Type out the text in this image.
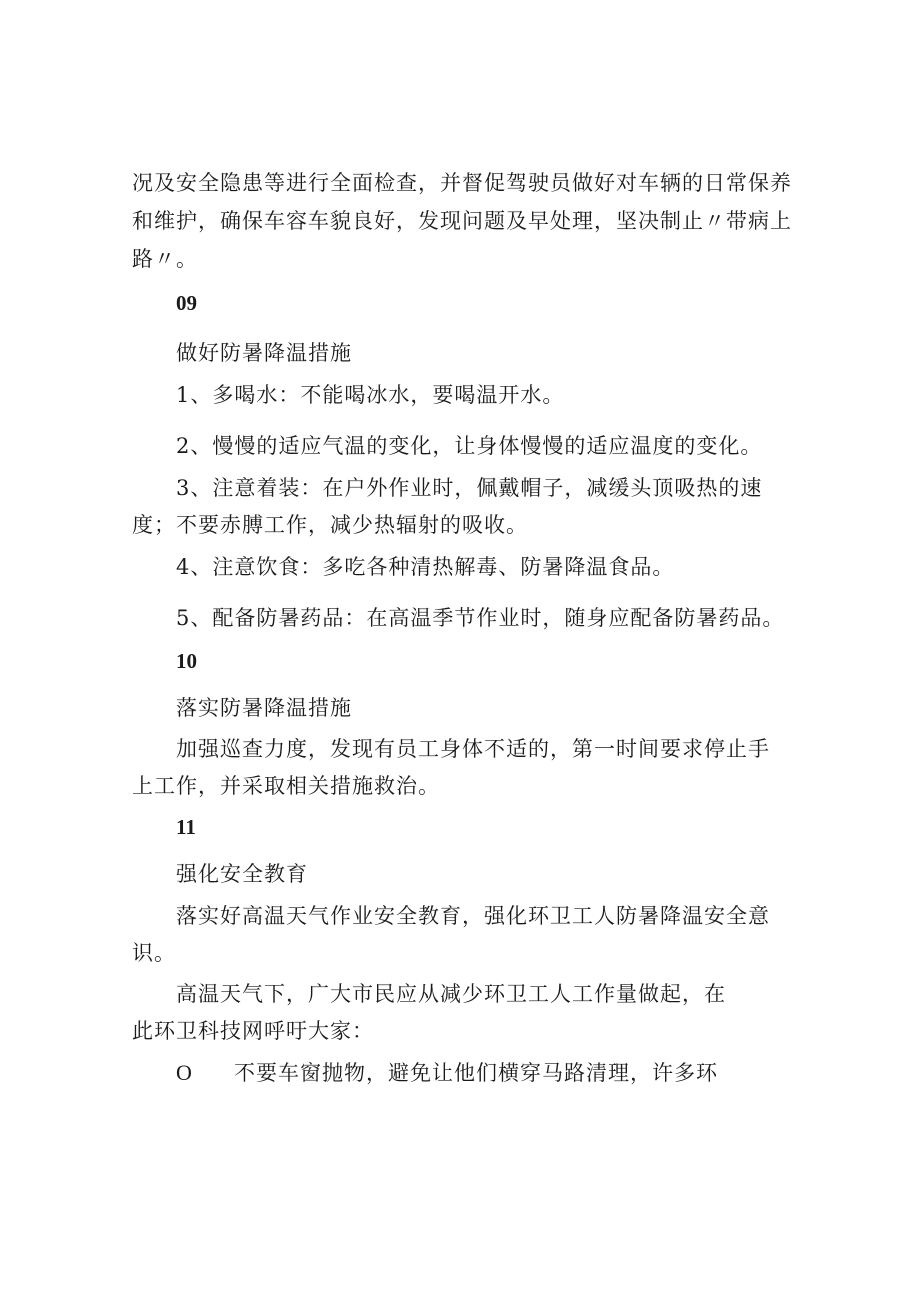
况及安全隐患等进行全面检查，并督促驾驶员做好对车辆的日常保养
和维护，确保车容车貌良好，发现问题及早处理，坚决制止〃带病上
路〃。
09
做好防暑降温措施
1、多喝水：不能喝冰水，要喝温开水。
2、慢慢的适应气温的变化，让身体慢慢的适应温度的变化。
3、注意着装：在户外作业时，佩戴帽子，减缓头顶吸热的速
度；不要赤膊工作，减少热辐射的吸收。
4、注意饮食：多吃各种清热解毒、防暑降温食品。
5、配备防暑药品：在高温季节作业时，随身应配备防暑药品。
10
落实防暑降温措施
加强巡查力度，发现有员工身体不适的，第一时间要求停止手
上工作，并采取相关措施救治。
11
强化安全教育
落实好高温天气作业安全教育，强化环卫工人防暑降温安全意
识。
高温天气下，广大市民应从减少环卫工人工作量做起，在
此环卫科技网呼吁大家：
O 不要车窗抛物，避免让他们横穿马路清理，许多环
